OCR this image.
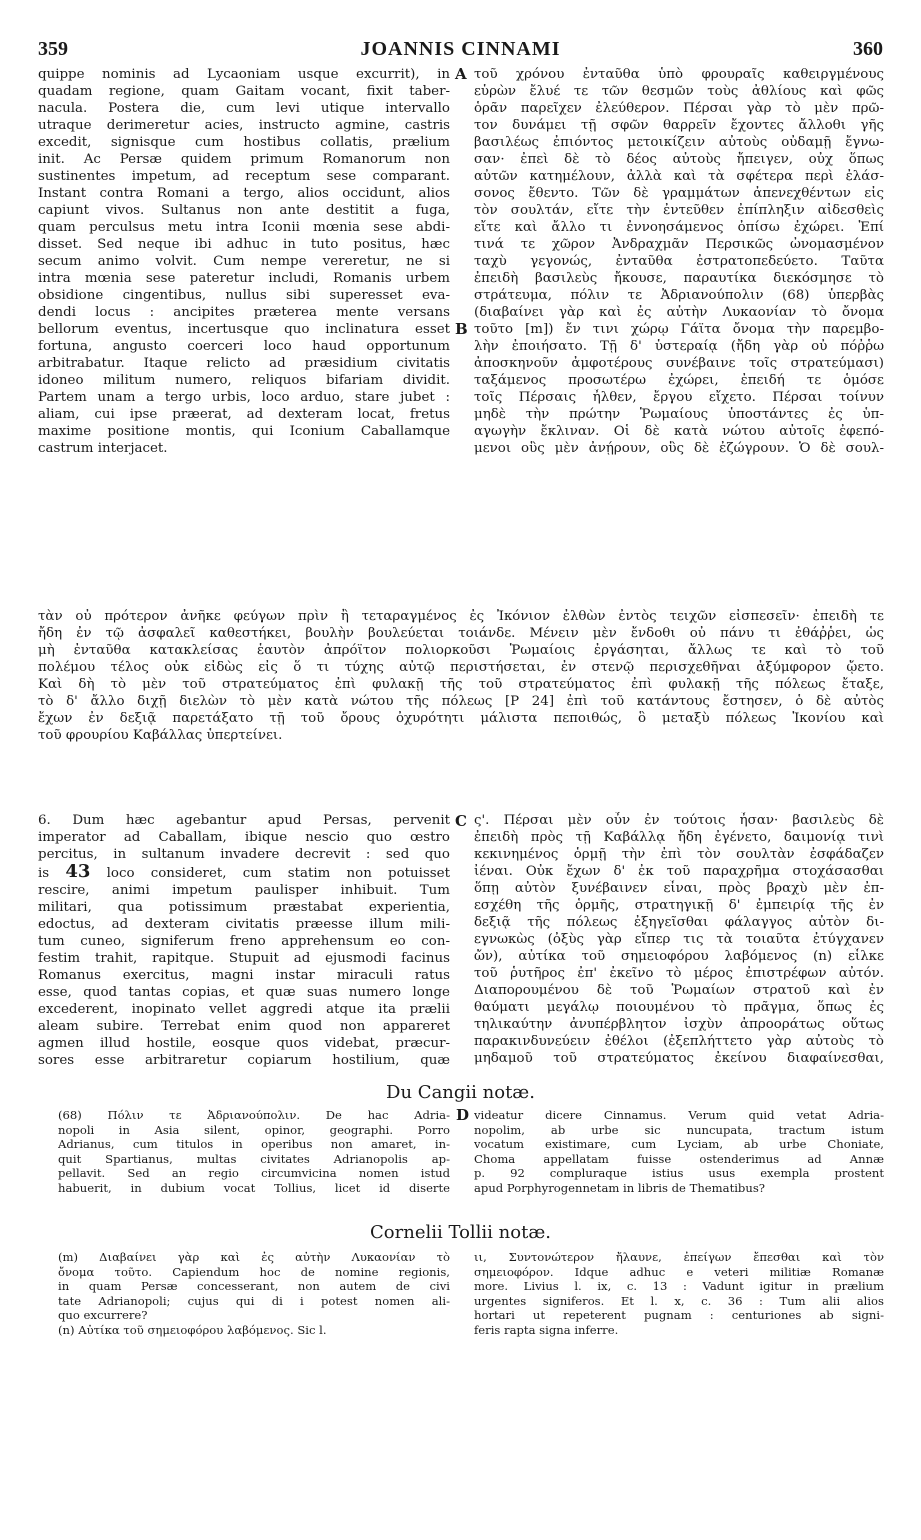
359	JOANNIS CINNAMI	360
quippe nominis ad Lycaoniam usque excurrit), in
quadam regione, quam Gaitam vocant, fixit taber-
nacula. Postera die, cum levi utique intervallo
utraque derimeretur acies, instructo agmine, castris
excedit, signisque cum hostibus collatis, prælium
init. Ac Persæ quidem primum Romanorum non
sustinentes impetum, ad receptum sese comparant.
Instant contra Romani a tergo, alios occidunt, alios
capiunt vivos. Sultanus non ante destitit a fuga,
quam perculsus metu intra Iconii mœnia sese abdi-
disset. Sed neque ibi adhuc in tuto positus, hæc
secum animo volvit. Cum nempe vereretur, ne si
intra mœnia sese pateretur includi, Romanis urbem
obsidione cingentibus, nullus sibi superesset eva-
dendi locus : ancipites præterea mente versans
bellorum eventus, incertusque quo inclinatura esset
fortuna, angusto coerceri loco haud opportunum
arbitrabatur. Itaque relicto ad præsidium civitatis
idoneo militum numero, reliquos bifariam dividit.
Partem unam a tergo urbis, loco arduo, stare jubet :
aliam, cui ipse præerat, ad dexteram locat, fretus
maxime positione montis, qui Iconium Caballamque
castrum interjacet.
A
B
τοῦ χρόνου ἐνταῦθα ὑπὸ φρουραῖς καθειργμένους
εὑρὼν ἔλυέ τε τῶν θεσμῶν τοὺς ἀθλίους καὶ φῶς
ὁρᾶν παρεῖχεν ἐλεύθερον. Πέρσαι γὰρ τὸ μὲν πρῶ-
τον δυνάμει τῇ σφῶν θαρρεῖν ἔχοντες ἄλλοθι γῆς
βασιλέως ἐπιόντος μετοικίζειν αὐτοὺς οὐδαμῇ ἔγνω-
σαν· ἐπεὶ δὲ τὸ δέος αὐτοὺς ἤπειγεν, οὐχ ὅπως
αὐτῶν κατημέλουν, ἀλλὰ καὶ τὰ σφέτερα περὶ ἐλάσ-
σονος ἔθεντο. Τῶν δὲ γραμμάτων ἀπενεχθέντων εἰς
τὸν σουλτάν, εἴτε τὴν ἐντεῦθεν ἐπίπληξιν αἰδεσθεὶς
εἴτε καὶ ἄλλο τι ἐννοησάμενος ὀπίσω ἐχώρει. Ἐπί
τινά τε χῶρον Ἀνδραχμᾶν Περσικῶς ὠνομασμένον
ταχὺ γεγονώς, ἐνταῦθα ἐστρατοπεδεύετο. Ταῦτα
ἐπειδὴ βασιλεὺς ἤκουσε, παραυτίκα διεκόσμησε τὸ
στράτευμα, πόλιν τε Ἀδριανούπολιν (68) ὑπερβὰς
(διαβαίνει γὰρ καὶ ἐς αὐτὴν Λυκαονίαν τὸ ὄνομα
τοῦτο [m]) ἔν τινι χώρῳ Γάϊτα ὄνομα τὴν παρεμβο-
λὴν ἐποιήσατο. Τῇ δ' ὑστεραίᾳ (ἤδη γὰρ οὐ πόῤῥω
ἀποσκηνοῦν ἀμφοτέρους συνέβαινε τοῖς στρατεύμασι)
ταξάμενος προσωτέρω ἐχώρει, ἐπειδή τε ὁμόσε
τοῖς Πέρσαις ἦλθεν, ἔργου εἴχετο. Πέρσαι τοίνυν
μηδὲ τὴν πρώτην Ῥωμαίους ὑποστάντες ἐς ὑπ-
αγωγὴν ἔκλιναν. Οἱ δὲ κατὰ νώτου αὐτοῖς ἐφεπό-
μενοι οὓς μὲν ἀνῄρουν, οὓς δὲ ἐζώγρουν. Ὁ δὲ σουλ-
τὰν οὐ πρότερον ἀνῆκε φεύγων πρὶν ἢ τεταραγμένος ἐς Ἰκόνιον ἐλθὼν ἐντὸς τειχῶν εἰσπεσεῖν· ἐπειδὴ τε
ἤδη ἐν τῷ ἀσφαλεῖ καθεστήκει, βουλὴν βουλεύεται τοιάνδε. Μένειν μὲν ἔνδοθι οὐ πάνυ τι ἐθάῤῥει, ὡς
μὴ ἐνταῦθα κατακλείσας ἑαυτὸν ἀπρόϊτον πολιορκοῦσι Ῥωμαίοις ἐργάσηται, ἄλλως τε καὶ τὸ τοῦ
πολέμου τέλος οὐκ εἰδὼς εἰς ὅ τι τύχης αὐτῷ περιστήσεται, ἐν στενῷ περισχεθῆναι ἀξύμφορον ᾤετο.
Καὶ δὴ τὸ μὲν τοῦ στρατεύματος ἐπὶ φυλακῇ τῆς τοῦ στρατεύματος ἐπὶ φυλακῇ τῆς πόλεως ἔταξε,
τὸ δ' ἄλλο διχῇ διελὼν τὸ μὲν κατὰ νώτου τῆς πόλεως [P 24] ἐπὶ τοῦ κατάντους ἔστησεν, ὁ δὲ αὐτὸς
ἔχων ἐν δεξιᾷ παρετάξατο τῇ τοῦ ὄρους ὀχυρότητι μάλιστα πεποιθώς, ὃ μεταξὺ πόλεως Ἰκονίου καὶ
τοῦ φρουρίου Καβάλλας ὑπερτείνει.
6. Dum hæc agebantur apud Persas, pervenit
imperator ad Caballam, ibique nescio quo œstro
percitus, in sultanum invadere decrevit : sed quo
is 43 loco consideret, cum statim non potuisset
rescire, animi impetum paulisper inhibuit. Tum
militari, qua potissimum præstabat experientia,
edoctus, ad dexteram civitatis præesse illum mili-
tum cuneo, signiferum freno apprehensum eo con-
festim trahit, rapitque. Stupuit ad ejusmodi facinus
Romanus exercitus, magni instar miraculi ratus
esse, quod tantas copias, et quæ suas numero longe
excederent, inopinato vellet aggredi atque ita prælii
aleam subire. Terrebat enim quod non appareret
agmen illud hostile, eosque quos videbat, præcur-
sores esse arbitraretur copiarum hostilium, quæ
C ς'. Πέρσαι μὲν οὖν ἐν τούτοις ἦσαν· βασιλεὺς δὲ
ἐπειδὴ πρὸς τῇ Καβάλλᾳ ἤδη ἐγένετο, δαιμονίᾳ τινὶ
κεκινημένος ὁρμῇ τὴν ἐπὶ τὸν σουλτὰν ἐσφάδαζεν
ἰέναι. Οὐκ ἔχων δ' ἐκ τοῦ παραχρῆμα στοχάσασθαι
ὅπῃ αὐτὸν ξυνέβαινεν εἶναι, πρὸς βραχὺ μὲν ἐπ-
εσχέθη τῆς ὁρμῆς, στρατηγικῇ δ' ἐμπειρίᾳ τῆς ἐν
δεξιᾷ τῆς πόλεως ἐξηγεῖσθαι φάλαγγος αὐτὸν δι-
εγνωκὼς (ὀξὺς γὰρ εἴπερ τις τὰ τοιαῦτα ἐτύγχανεν
ὤν), αὐτίκα τοῦ σημειοφόρου λαβόμενος (n) εἷλκε
τοῦ ῥυτῆρος ἐπ' ἐκεῖνο τὸ μέρος ἐπιστρέφων αὐτόν.
Διαπορουμένου δὲ τοῦ Ῥωμαίων στρατοῦ καὶ ἐν
θαύματι μεγάλῳ ποιουμένου τὸ πρᾶγμα, ὅπως ἐς
τηλικαύτην ἀνυπέρβλητον ἰσχὺν ἀπροοράτως οὕτως
παρακινδυνεύειν ἐθέλοι (ἐξεπλήττετο γὰρ αὐτοὺς τὸ
μηδαμοῦ τοῦ στρατεύματος ἐκείνου διαφαίνεσθαι,
Du Cangii notæ.
(68) Πόλιν τε Ἀδριανούπολιν. De hac Adria-
nopoli in Asia silent, opinor, geographi. Porro
Adrianus, cum titulos in operibus non amaret, in-
quit Spartianus, multas civitates Adrianopolis ap-
pellavit. Sed an regio circumvicina nomen istud
habuerit, in dubium vocat Tollius, licet id diserte
D videatur dicere Cinnamus. Verum quid vetat Adria-
nopolim, ab urbe sic nuncupata, tractum istum
vocatum existimare, cum Lyciam, ab urbe Choniate,
Choma appellatam fuisse ostenderimus ad Annæ
p. 92 compluraque istius usus exempla prostent
apud Porphyrogennetam in libris de Thematibus?
Cornelii Tollii notæ.
(m) Διαβαίνει γὰρ καὶ ἐς αὐτὴν Λυκαονίαν τὸ
ὄνομα τοῦτο. Capiendum hoc de nomine regionis,
in quam Persæ concesserant, non autem de civi
tate Adrianopoli; cujus qui di i potest nomen ali-
quo excurrere?
(n) Αὐτίκα τοῦ σημειοφόρου λαβόμενος. Sic l.
ιι, Συντονώτερον ἤλαυνε, ἐπείγων ἔπεσθαι καὶ τὸν
σημειοφόρον. Idque adhuc e veteri militiæ Romanæ
more. Livius l. ix, c. 13 : Vadunt igitur in prælium
urgentes signiferos. Et l. x, c. 36 : Tum alii alios
hortari ut repeterent pugnam : centuriones ab signi-
feris rapta signa inferre.
